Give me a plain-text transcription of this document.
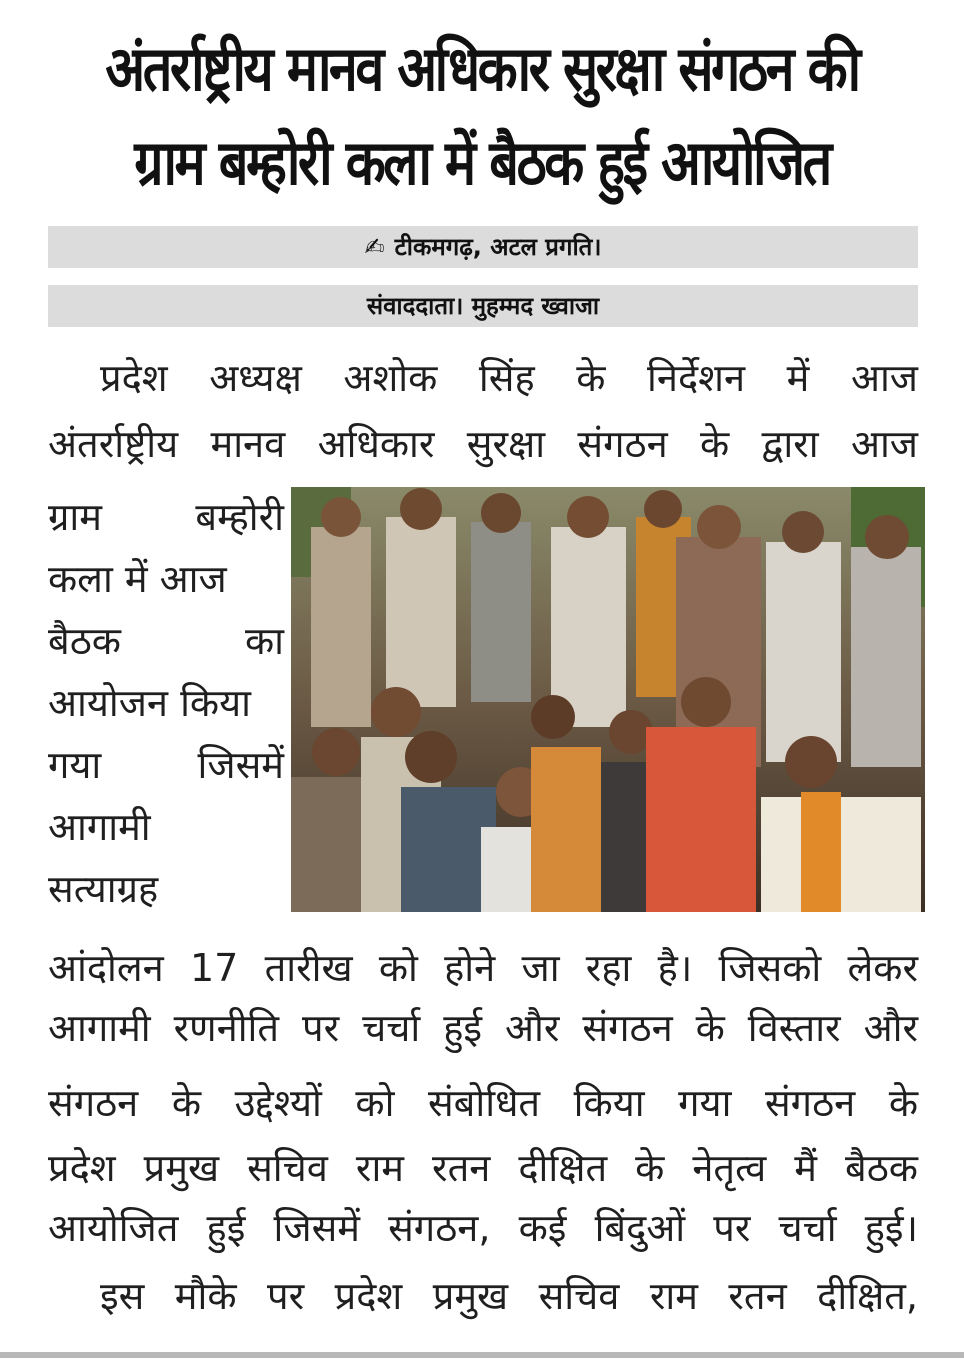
अंतर्राष्ट्रीय मानव अधिकार सुरक्षा संगठन की
ग्राम बम्होरी कला में बैठक हुई आयोजित
✍ टीकमगढ़, अटल प्रगति।
संवाददाता। मुहम्मद ख्वाजा
प्रदेश अध्यक्ष अशोक सिंह के निर्देशन में आज
अंतर्राष्ट्रीय मानव अधिकार सुरक्षा संगठन के द्वारा आज
ग्राम बम्होरी
कला में आज
बैठक का
आयोजन किया
गया जिसमें
आगामी
सत्याग्रह
आंदोलन 17 तारीख को होने जा रहा है। जिसको लेकर
आगामी रणनीति पर चर्चा हुई और संगठन के विस्तार और
संगठन के उद्देश्यों को संबोधित किया गया संगठन के
प्रदेश प्रमुख सचिव राम रतन दीक्षित के नेतृत्व मैं बैठक
आयोजित हुई जिसमें संगठन, कई बिंदुओं पर चर्चा हुई।
इस मौके पर प्रदेश प्रमुख सचिव राम रतन दीक्षित,
